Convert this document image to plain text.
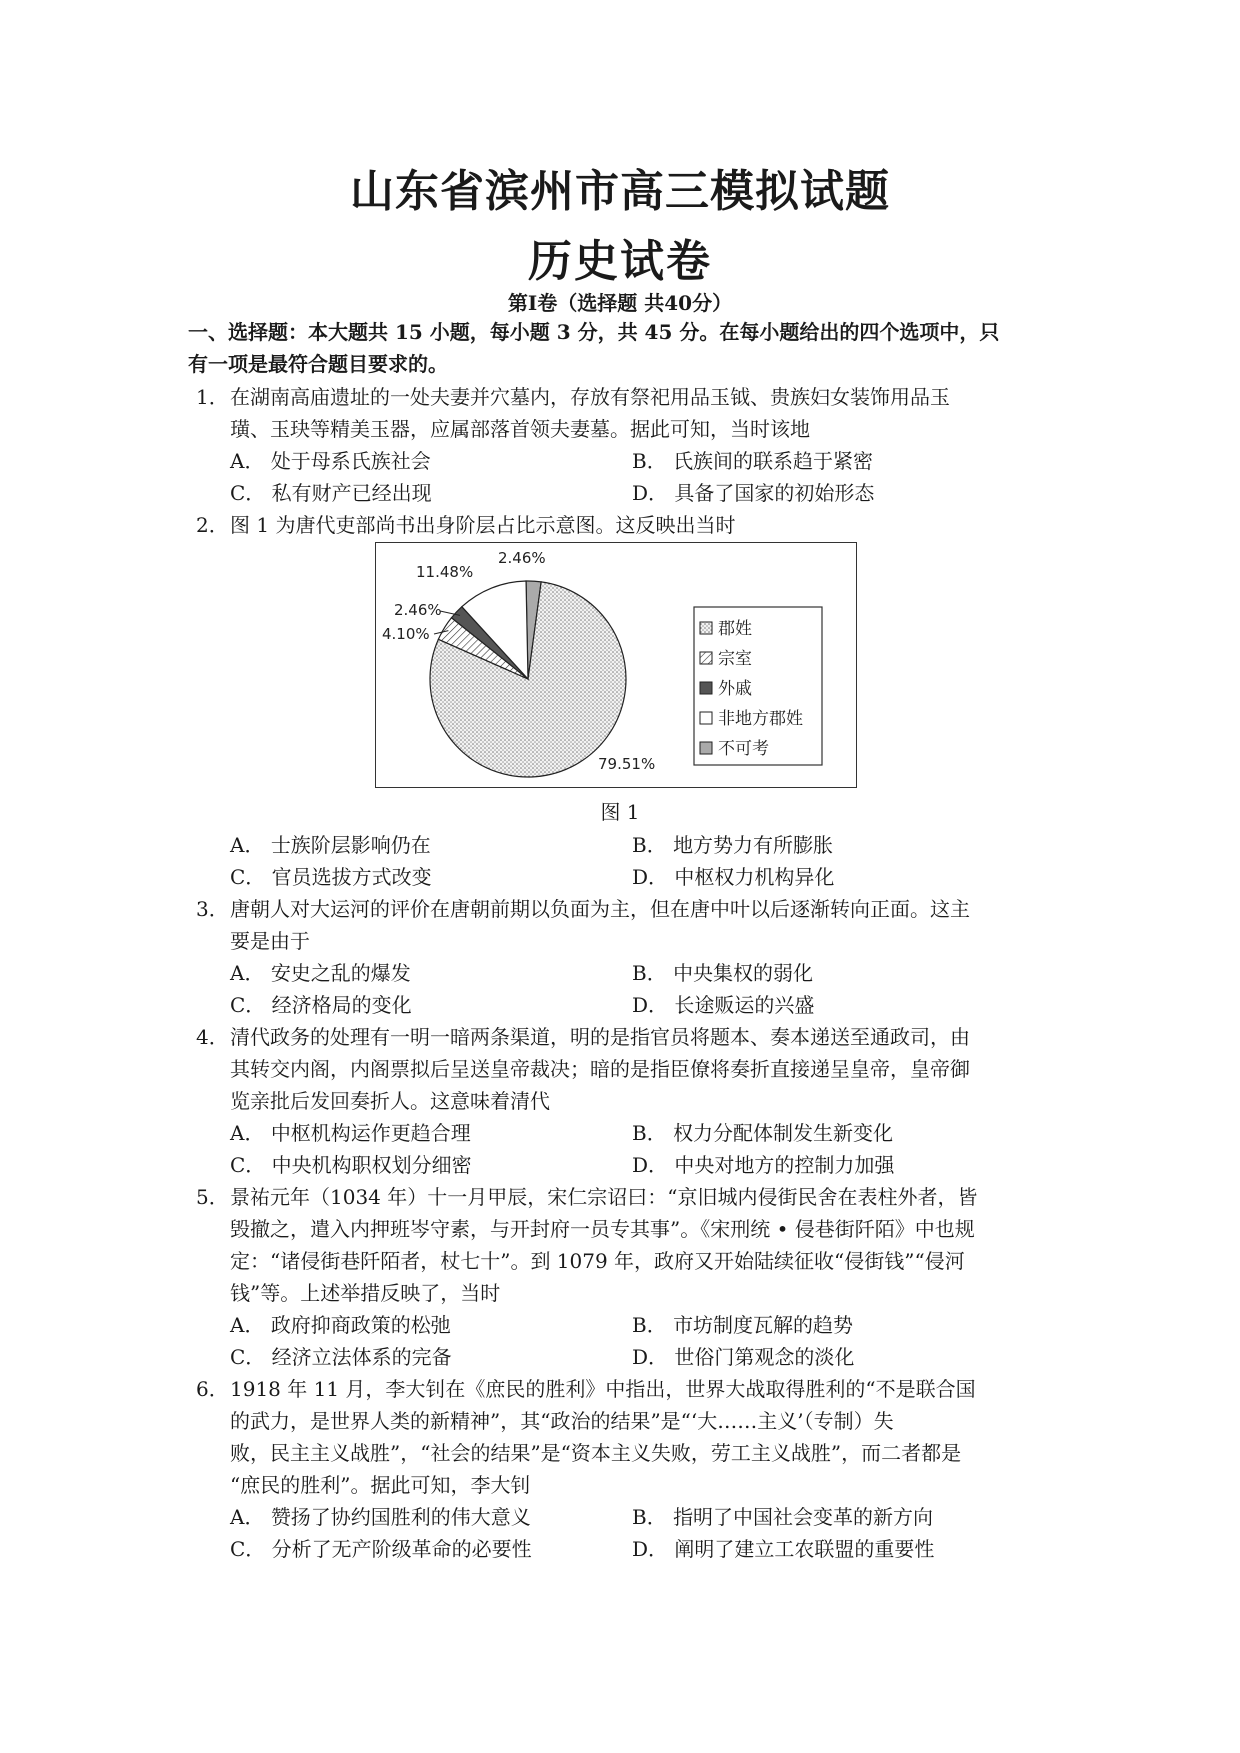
山东省滨州市高三模拟试题
历史试卷
第Ⅰ卷（选择题 共40分）
一、选择题：本大题共 15 小题，每小题 3 分，共 45 分。在每小题给出的四个选项中，只
有一项是最符合题目要求的。
1． 在湖南高庙遗址的一处夫妻并穴墓内，存放有祭祀用品玉钺、贵族妇女装饰用品玉
璜、玉玦等精美玉器，应属部落首领夫妻墓。据此可知，当时该地
A． 处于母系氏族社会	B． 氏族间的联系趋于紧密
C． 私有财产已经出现	D． 具备了国家的初始形态
2． 图 1 为唐代吏部尚书出身阶层占比示意图。这反映出当时
79.51%
4.10%
2.46%
11.48%
2.46%
郡姓
宗室
外戚
非地方郡姓
不可考
图 1
A． 士族阶层影响仍在	B． 地方势力有所膨胀
C． 官员选拔方式改变	D． 中枢权力机构异化
3． 唐朝人对大运河的评价在唐朝前期以负面为主，但在唐中叶以后逐渐转向正面。这主
要是由于
A． 安史之乱的爆发	B． 中央集权的弱化
C． 经济格局的变化	D． 长途贩运的兴盛
4． 清代政务的处理有一明一暗两条渠道，明的是指官员将题本、奏本递送至通政司，由
其转交内阁，内阁票拟后呈送皇帝裁决；暗的是指臣僚将奏折直接递呈皇帝，皇帝御
览亲批后发回奏折人。这意味着清代
A． 中枢机构运作更趋合理	B． 权力分配体制发生新变化
C． 中央机构职权划分细密	D． 中央对地方的控制力加强
5． 景祐元年（1034 年）十一月甲辰，宋仁宗诏曰：“京旧城内侵街民舍在表柱外者，皆
毁撤之，遣入内押班岑守素，与开封府一员专其事”。《宋刑统 • 侵巷街阡陌》中也规
定：“诸侵街巷阡陌者，杖七十”。到 1079 年，政府又开始陆续征收“侵街钱”“侵河
钱”等。上述举措反映了，当时
A． 政府抑商政策的松弛	B． 市坊制度瓦解的趋势
C． 经济立法体系的完备	D． 世俗门第观念的淡化
6． 1918 年 11 月，李大钊在《庶民的胜利》中指出，世界大战取得胜利的“不是联合国
的武力，是世界人类的新精神”，其“政治的结果”是“‘大……主义’（专制）失
败，民主主义战胜”，“社会的结果”是“资本主义失败，劳工主义战胜”，而二者都是
“庶民的胜利”。据此可知，李大钊
A． 赞扬了协约国胜利的伟大意义	B． 指明了中国社会变革的新方向
C． 分析了无产阶级革命的必要性	D． 阐明了建立工农联盟的重要性
